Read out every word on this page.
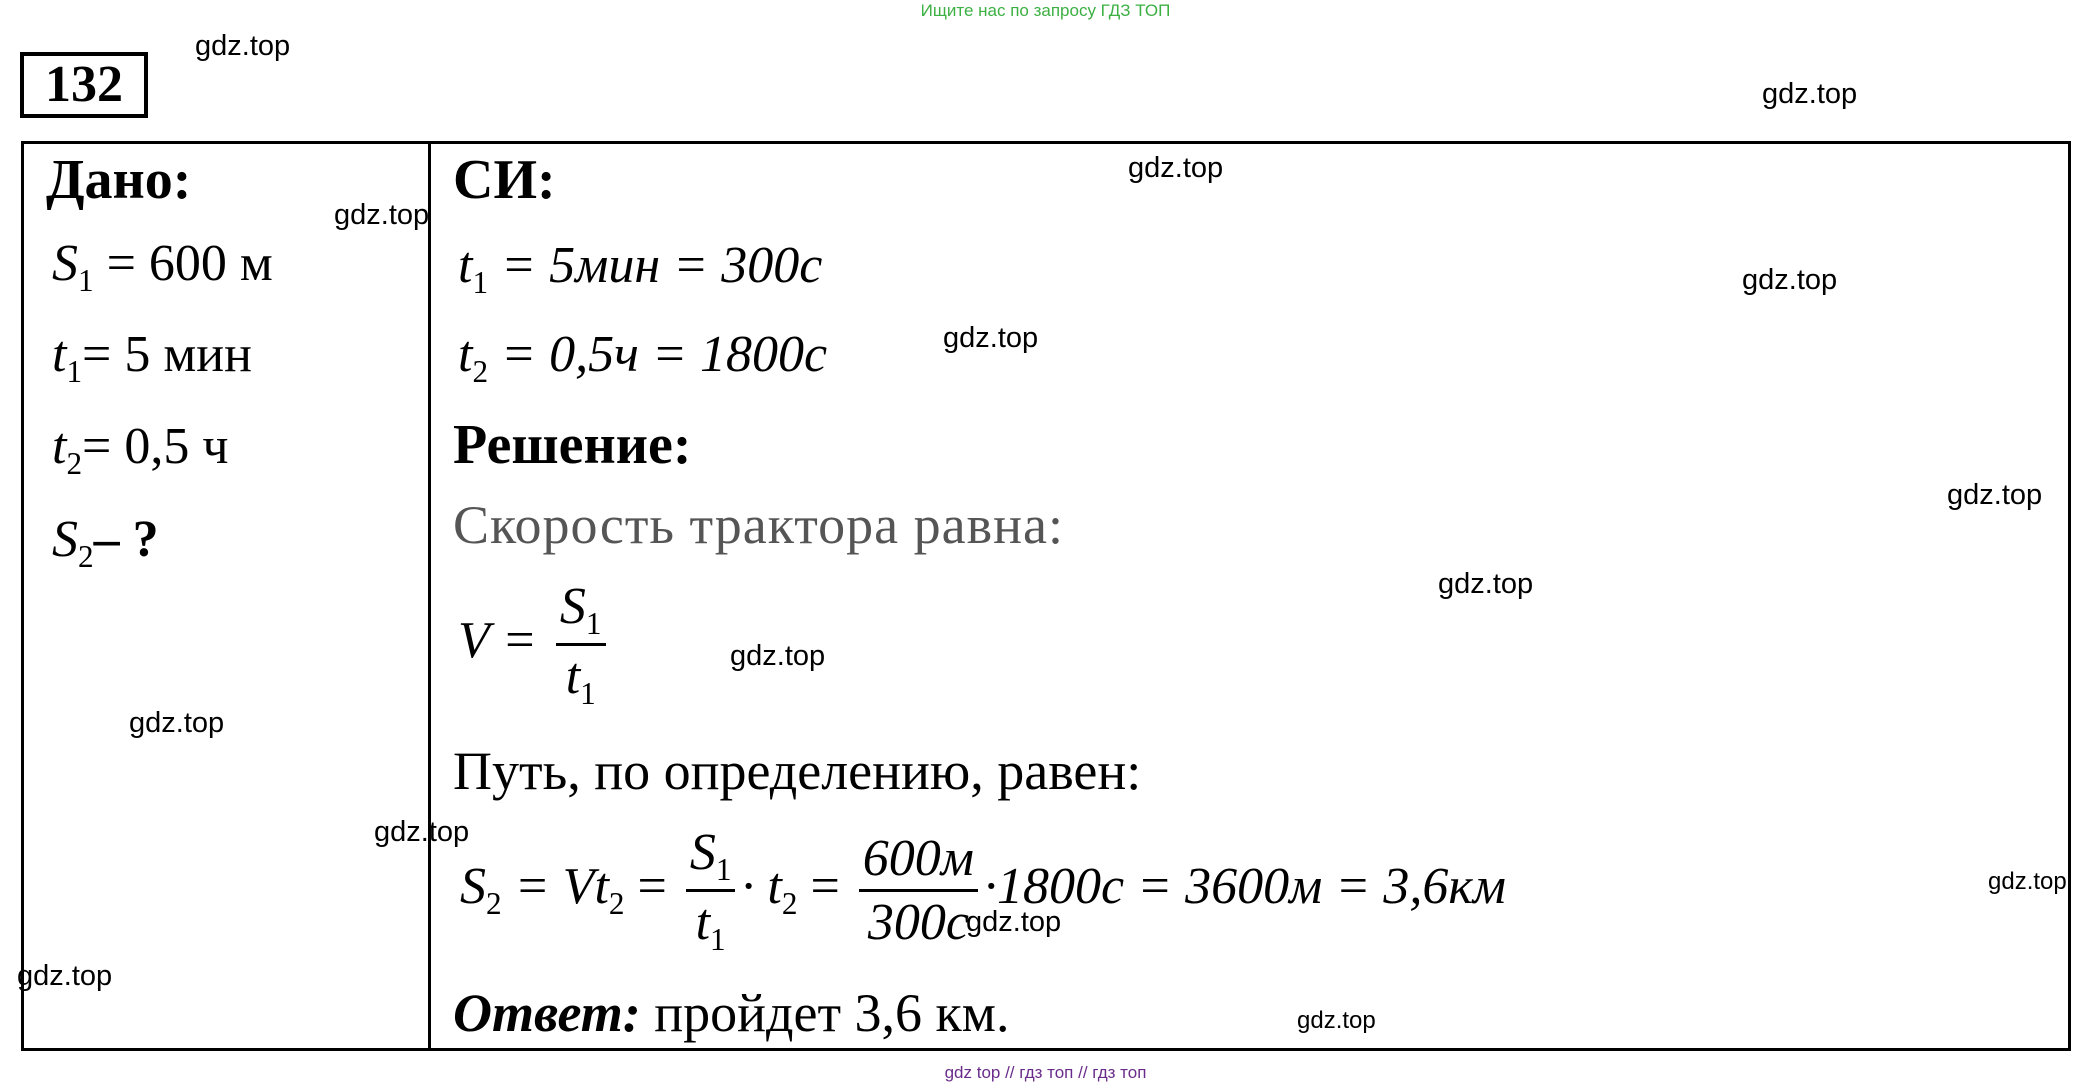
Ищите нас по запросу ГДЗ ТОП
132
Дано:
$S_1 = 600$ м
$t_1= 5$ мин
$t_2= 0,5$ ч
$S_2-$ ?
СИ:
$t_1 = 5мин = 300с$
$t_2 = 0,5ч = 1800с$
Решение:
Скорость трактора равна:
$V = \frac{S_1}{t_1}$
Путь, по определению, равен:
$S_2 = Vt_2 = \frac{S_1}{t_1} \cdot t_2 = \frac{600м}{300с} \cdot 1800с = 3600м = 3,6км$
Ответ: пройдет 3,6 км.
gdz.top
gdz.top
gdz.top
gdz.top
gdz.top
gdz.top
gdz.top
gdz.top
gdz.top
gdz.top
gdz.top
gdz.top
gdz.top
gdz.top
gdz.top
gdz top // гдз топ // гдз топ
